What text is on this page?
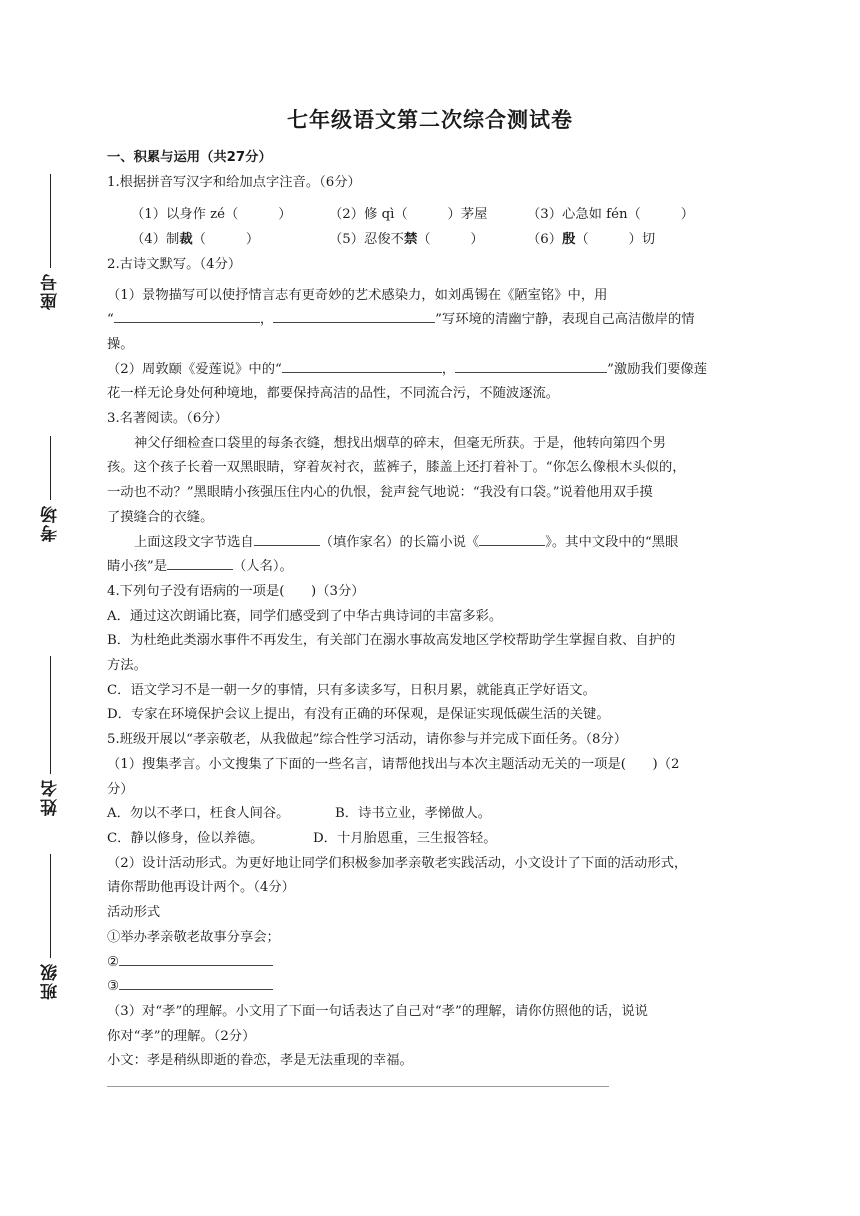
座号
考场
姓名
班级
七年级语文第二次综合测试卷
一、积累与运用（共27分）
1.根据拼音写汉字和给加点字注音。（6分）
（1）以身作 zé（　　　）	（2）修 qì（　　　）茅屋	（3）心急如 fén（　　　）
（4）制裁（　　　）	（5）忍俊不禁（　　　）	（6）殷（　　　）切
2.古诗文默写。（4分）
（1）景物描写可以使抒情言志有更奇妙的艺术感染力，如刘禹锡在《陋室铭》中，用
“	，	”写环境的清幽宁静，表现自己高洁傲岸的情
操。
（2）周敦颐《爱莲说》中的“	，	”激励我们要像莲
花一样无论身处何种境地，都要保持高洁的品性，不同流合污，不随波逐流。
3.名著阅读。（6分）
神父仔细检查口袋里的每条衣缝，想找出烟草的碎末，但毫无所获。于是，他转向第四个男
孩。这个孩子长着一双黑眼睛，穿着灰衬衣，蓝裤子，膝盖上还打着补丁。“你怎么像根木头似的，
一动也不动？”黑眼睛小孩强压住内心的仇恨，瓮声瓮气地说：“我没有口袋。”说着他用双手摸
了摸缝合的衣缝。
上面这段文字节选自	（填作家名）的长篇小说《	》。其中文段中的“黑眼
睛小孩”是	（人名）。
4.下列句子没有语病的一项是(　　)（3分）
A．通过这次朗诵比赛，同学们感受到了中华古典诗词的丰富多彩。
B．为杜绝此类溺水事件不再发生，有关部门在溺水事故高发地区学校帮助学生掌握自救、自护的
方法。
C．语文学习不是一朝一夕的事情，只有多读多写，日积月累，就能真正学好语文。
D．专家在环境保护会议上提出，有没有正确的环保观，是保证实现低碳生活的关键。
5.班级开展以“孝亲敬老，从我做起”综合性学习活动，请你参与并完成下面任务。（8分）
（1）搜集孝言。小文搜集了下面的一些名言，请帮他找出与本次主题活动无关的一项是(　　)（2
分）
A．勿以不孝口，枉食人间谷。	B．诗书立业，孝悌做人。
C．静以修身，俭以养德。	D．十月胎恩重，三生报答轻。
（2）设计活动形式。为更好地让同学们积极参加孝亲敬老实践活动，小文设计了下面的活动形式，
请你帮助他再设计两个。（4分）
活动形式
①举办孝亲敬老故事分享会；
②
③
（3）对“孝”的理解。小文用了下面一句话表达了自己对“孝”的理解，请你仿照他的话，说说
你对“孝”的理解。（2分）
小文：孝是稍纵即逝的眷恋，孝是无法重现的幸福。
